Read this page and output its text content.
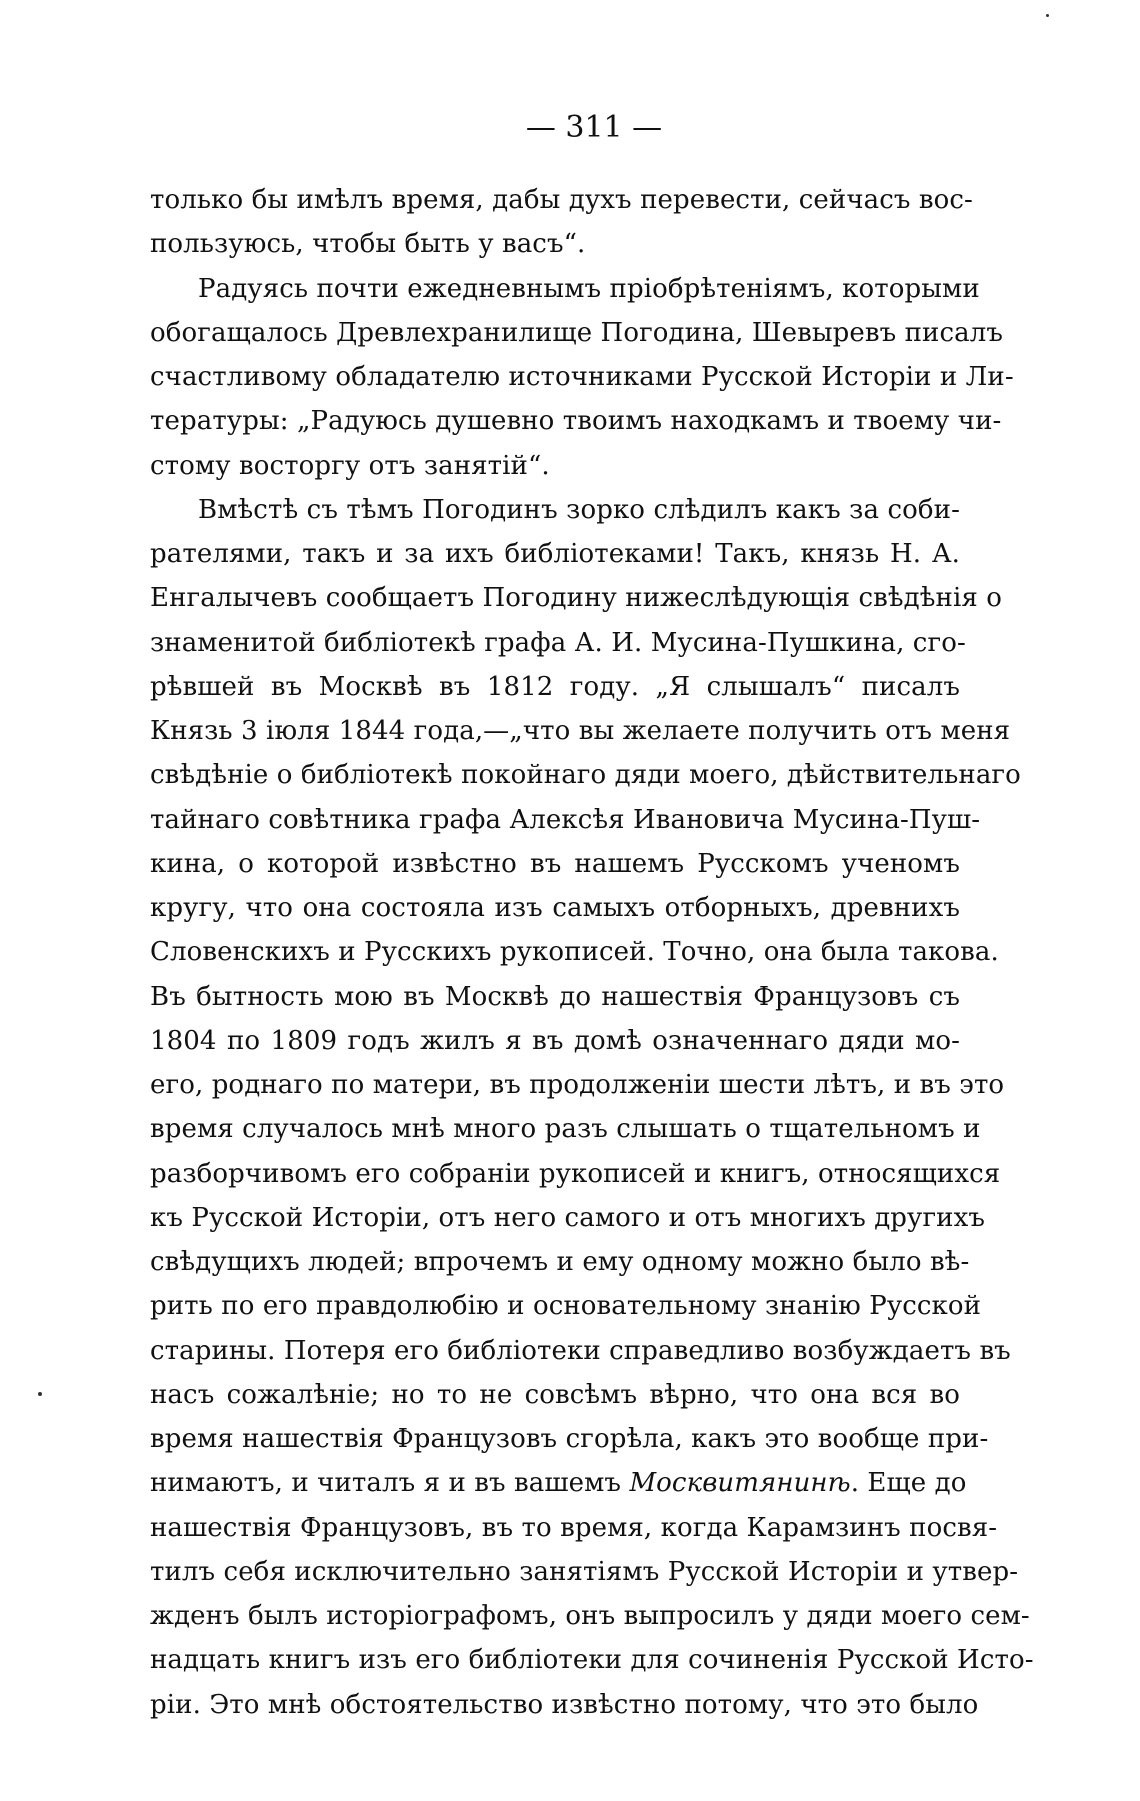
— 311 —
только бы имѣлъ время, дабы духъ перевести, сейчасъ вос-
пользуюсь, чтобы быть у васъ“.
Радуясь почти ежедневнымъ пріобрѣтеніямъ, которыми
обогащалось Древлехранилище Погодина, Шевыревъ писалъ
счастливому обладателю источниками Русской Исторіи и Ли-
тературы: „Радуюсь душевно твоимъ находкамъ и твоему чи-
стому восторгу отъ занятій“.
Вмѣстѣ съ тѣмъ Погодинъ зорко слѣдилъ какъ за соби-
рателями, такъ и за ихъ библіотеками! Такъ, князь Н. А.
Енгалычевъ сообщаетъ Погодину нижеслѣдующія свѣдѣнія о
знаменитой библіотекѣ графа А. И. Мусина-Пушкина, сго-
рѣвшей въ Москвѣ въ 1812 году. „Я слышалъ“ писалъ
Князь 3 іюля 1844 года,—„что вы желаете получить отъ меня
свѣдѣніе о библіотекѣ покойнаго дяди моего, дѣйствительнаго
тайнаго совѣтника графа Алексѣя Ивановича Мусина-Пуш-
кина, о которой извѣстно въ нашемъ Русскомъ ученомъ
кругу, что она состояла изъ самыхъ отборныхъ, древнихъ
Словенскихъ и Русскихъ рукописей. Точно, она была такова.
Въ бытность мою въ Москвѣ до нашествія Французовъ съ
1804 по 1809 годъ жилъ я въ домѣ означеннаго дяди мо-
его, роднаго по матери, въ продолженіи шести лѣтъ, и въ это
время случалось мнѣ много разъ слышать о тщательномъ и
разборчивомъ его собраніи рукописей и книгъ, относящихся
къ Русской Исторіи, отъ него самого и отъ многихъ другихъ
свѣдущихъ людей; впрочемъ и ему одному можно было вѣ-
рить по его правдолюбію и основательному знанію Русской
старины. Потеря его библіотеки справедливо возбуждаетъ въ
насъ сожалѣніе; но то не совсѣмъ вѣрно, что она вся во
время нашествія Французовъ сгорѣла, какъ это вообще при-
нимаютъ, и читалъ я и въ вашемъ Москвитянинѣ. Еще до
нашествія Французовъ, въ то время, когда Карамзинъ посвя-
тилъ себя исключительно занятіямъ Русской Исторіи и утвер-
жденъ былъ исторіографомъ, онъ выпросилъ у дяди моего сем-
надцать книгъ изъ его библіотеки для сочиненія Русской Исто-
ріи. Это мнѣ обстоятельство извѣстно потому, что это было
